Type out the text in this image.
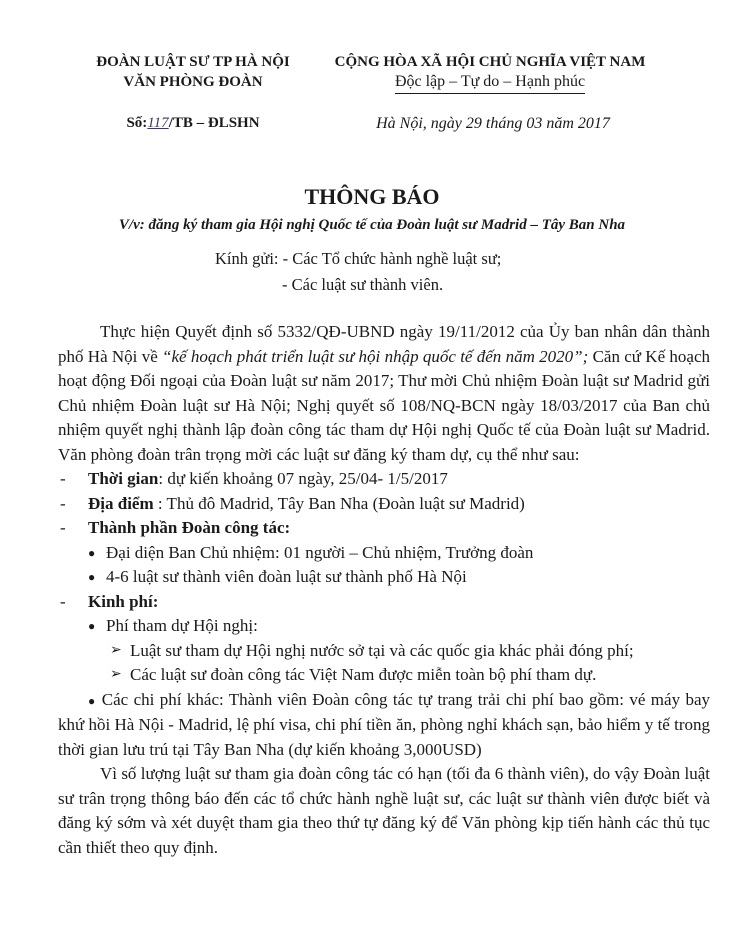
ĐOÀN LUẬT SƯ TP HÀ NỘI
VĂN PHÒNG ĐOÀN
CỘNG HÒA XÃ HỘI CHỦ NGHĨA VIỆT NAM
Độc lập – Tự do – Hạnh phúc
Số:117/TB – ĐLSHN	Hà Nội, ngày 29 tháng 03 năm 2017
THÔNG BÁO
V/v: đăng ký tham gia Hội nghị Quốc tế của Đoàn luật sư Madrid – Tây Ban Nha
Kính gửi: - Các Tổ chức hành nghề luật sư;
- Các luật sư thành viên.

Thực hiện Quyết định số 5332/QĐ-UBND ngày 19/11/2012 của Ủy ban nhân dân thành phố Hà Nội về “kế hoạch phát triển luật sư hội nhập quốc tế đến năm 2020”; Căn cứ Kế hoạch hoạt động Đối ngoại của Đoàn luật sư năm 2017; Thư mời Chủ nhiệm Đoàn luật sư Madrid gửi Chủ nhiệm Đoàn luật sư Hà Nội; Nghị quyết số 108/NQ-BCN ngày 18/03/2017 của Ban chủ nhiệm quyết nghị thành lập đoàn công tác tham dự Hội nghị Quốc tế của Đoàn luật sư Madrid. Văn phòng đoàn trân trọng mời các luật sư đăng ký tham dự, cụ thể như sau:

- Thời gian: dự kiến khoảng 07 ngày, 25/04- 1/5/2017

- Địa điểm : Thủ đô Madrid, Tây Ban Nha (Đoàn luật sư Madrid)

- Thành phần Đoàn công tác:

● Đại diện Ban Chủ nhiệm: 01 người – Chủ nhiệm, Trưởng đoàn

● 4-6 luật sư thành viên đoàn luật sư thành phố Hà Nội

- Kinh phí:

● Phí tham dự Hội nghị:

➢ Luật sư tham dự Hội nghị nước sở tại và các quốc gia khác phải đóng phí;

➢ Các luật sư đoàn công tác Việt Nam được miễn toàn bộ phí tham dự.

● Các chi phí khác: Thành viên Đoàn công tác tự trang trải chi phí bao gồm: vé máy bay khứ hồi Hà Nội - Madrid, lệ phí visa, chi phí tiền ăn, phòng nghỉ khách sạn, bảo hiểm y tế trong thời gian lưu trú tại Tây Ban Nha (dự kiến khoảng 3,000USD)

Vì số lượng luật sư tham gia đoàn công tác có hạn (tối đa 6 thành viên), do vậy Đoàn luật sư trân trọng thông báo đến các tổ chức hành nghề luật sư, các luật sư thành viên được biết và đăng ký sớm và xét duyệt tham gia theo thứ tự đăng ký để Văn phòng kịp tiến hành các thủ tục cần thiết theo quy định.
